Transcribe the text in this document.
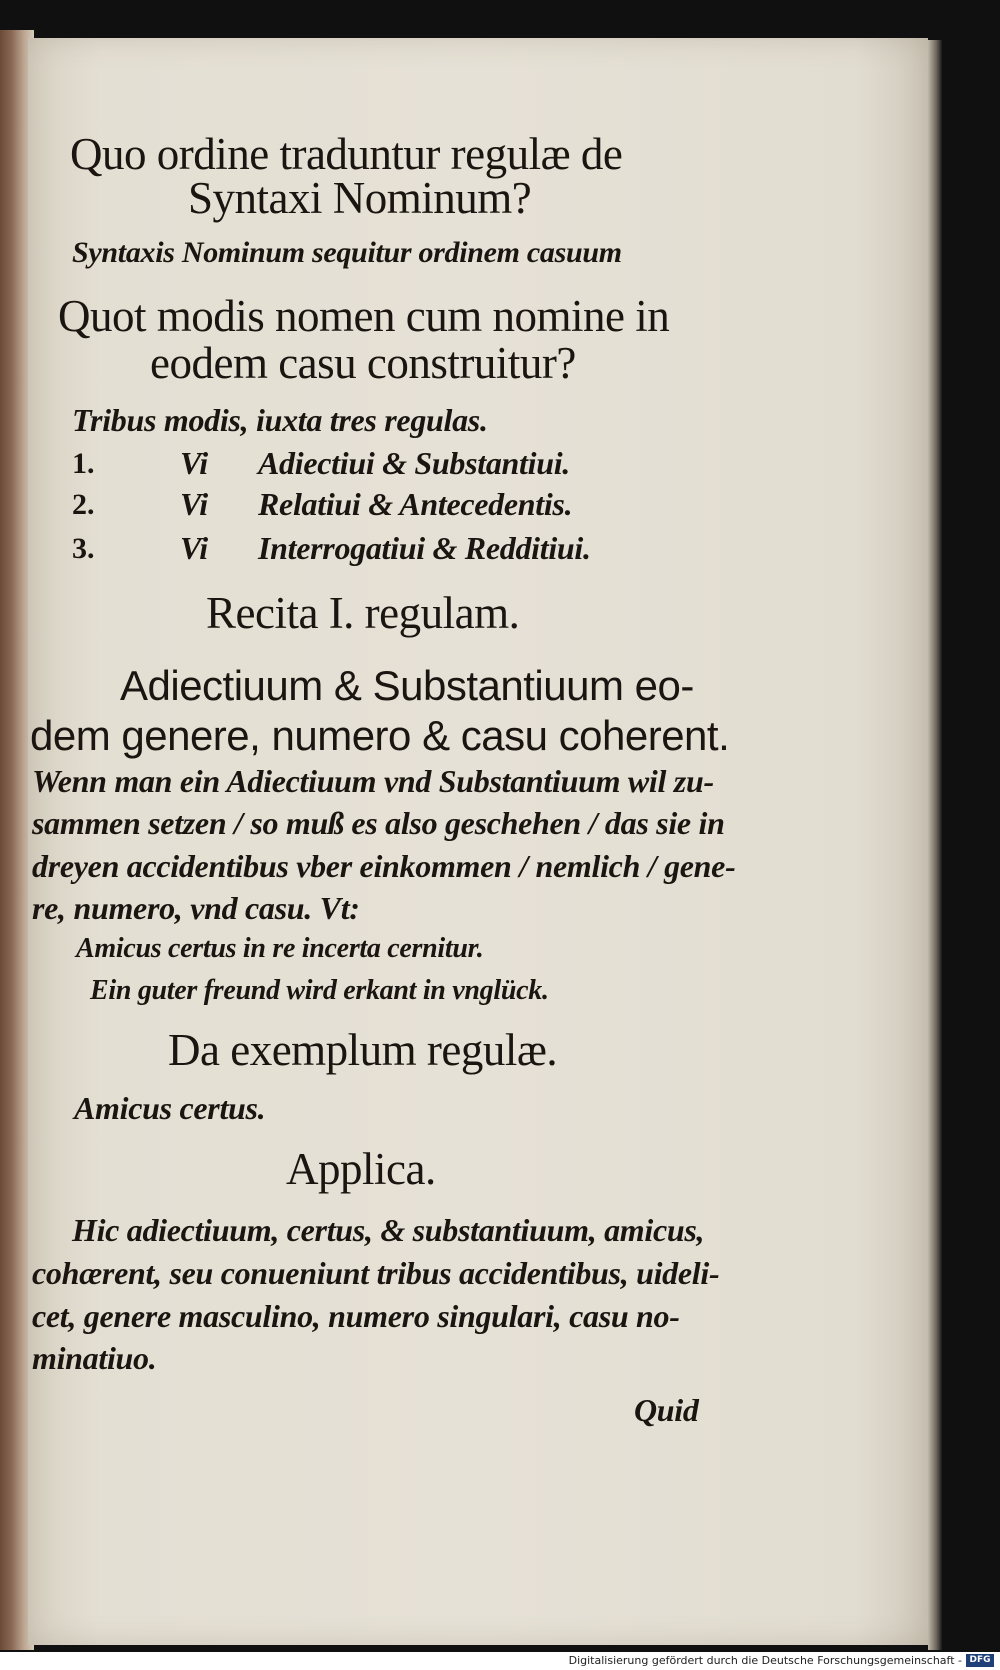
Quo ordine traduntur regulæ de
Syntaxi Nominum?
Syntaxis Nominum sequitur ordinem casuum
Quot modis nomen cum nomine in
eodem casu construitur?
Tribus modis, iuxta tres regulas.
1.	Vi Adiectiui & Substantiui.
2.	Vi Relatiui & Antecedentis.
3.	Vi Interrogatiui & Redditiui.
Recita I. regulam.
Adiectiuum & Substantiuum eo-
dem genere, numero & casu coherent.
Wenn man ein Adiectiuum vnd Substantiuum wil zu-
sammen setzen / so muß es also geschehen / das sie in
dreyen accidentibus vber einkommen / nemlich / gene-
re, numero, vnd casu. Vt:
Amicus certus in re incerta cernitur.
Ein guter freund wird erkant in vnglück.
Da exemplum regulæ.
Amicus certus.
Applica.
Hic adiectiuum, certus, & substantiuum, amicus,
cohærent, seu conueniunt tribus accidentibus, uideli-
cet, genere masculino, numero singulari, casu no-
minatiuo.
Quid
Digitalisierung gefördert durch die Deutsche Forschungsgemeinschaft - DFG
